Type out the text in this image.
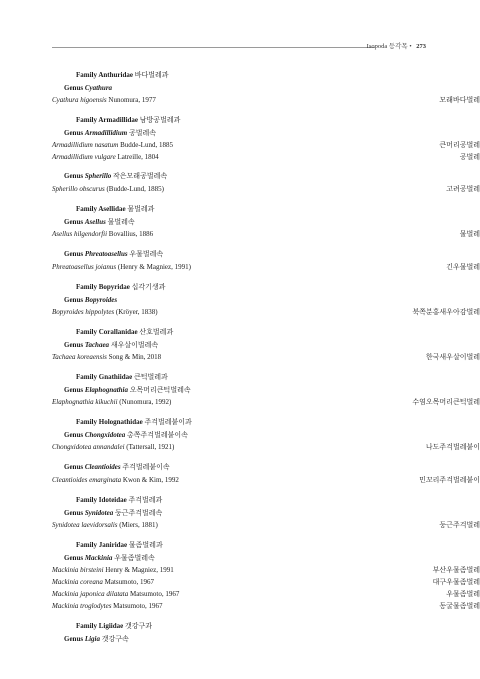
Isopoda 등각목 • 273
Family Anthuridae 바다벌레과
Genus Cyathura
Cyathura higoensis Nunomura, 1977	모래바다벌레
Family Armadillidae 남방공벌레과
Genus Armadillidium 공벌레속
Armadillidium nasatum Budde-Lund, 1885	큰머리공벌레
Armadillidium vulgare Latreille, 1804	공벌레
Genus Spherillo 작은모래공벌레속
Spherillo obscurus (Budde-Lund, 1885)	고려공벌레
Family Asellidae 물벌레과
Genus Asellus 물벌레속
Asellus hilgendorfii Bovallius, 1886	물벌레
Genus Phreatoasellus 우물벌레속
Phreatoasellus joianus (Henry & Magniez, 1991)	긴우물벌레
Family Bopyridae 십각기생과
Genus Bopyroides
Bopyroides hippolytes (Kröyer, 1838)	북쪽분홍새우아감벌레
Family Corallanidae 산호벌레과
Genus Tachaea 새우살이벌레속
Tachaea koreaensis Song & Min, 2018	한국새우살이벌레
Family Gnathiidae 큰턱벌레과
Genus Elaphognathia 오목머리큰턱벌레속
Elaphognathia kikuchii (Nunomura, 1992)	수염오목머리큰턱벌레
Family Holognathidae 주걱벌레붙이과
Genus Chongxidotea 총쪽주걱벌레붙이속
Chongxidotea annandalei (Tattersall, 1921)	나도주걱벌레붙이
Genus Cleantioides 주걱벌레붙이속
Cleantioides emarginata Kwon & Kim, 1992	민꼬리주걱벌레붙이
Family Idoteidae 주걱벌레과
Genus Synidotea 둥근주걱벌레속
Synidotea laevidorsalis (Miers, 1881)	둥근주걱벌레
Family Janiridae 물좀벌레과
Genus Mackinia 우물좀벌레속
Mackinia birsteini Henry & Magniez, 1991	부산우물좀벌레
Mackinia coreana Matsumoto, 1967	대구우물좀벌레
Mackinia japonica dilatata Matsumoto, 1967	우물좀벌레
Mackinia troglodytes Matsumoto, 1967	동굴물좀벌레
Family Ligiidae 갯강구과
Genus Ligia 갯강구속
